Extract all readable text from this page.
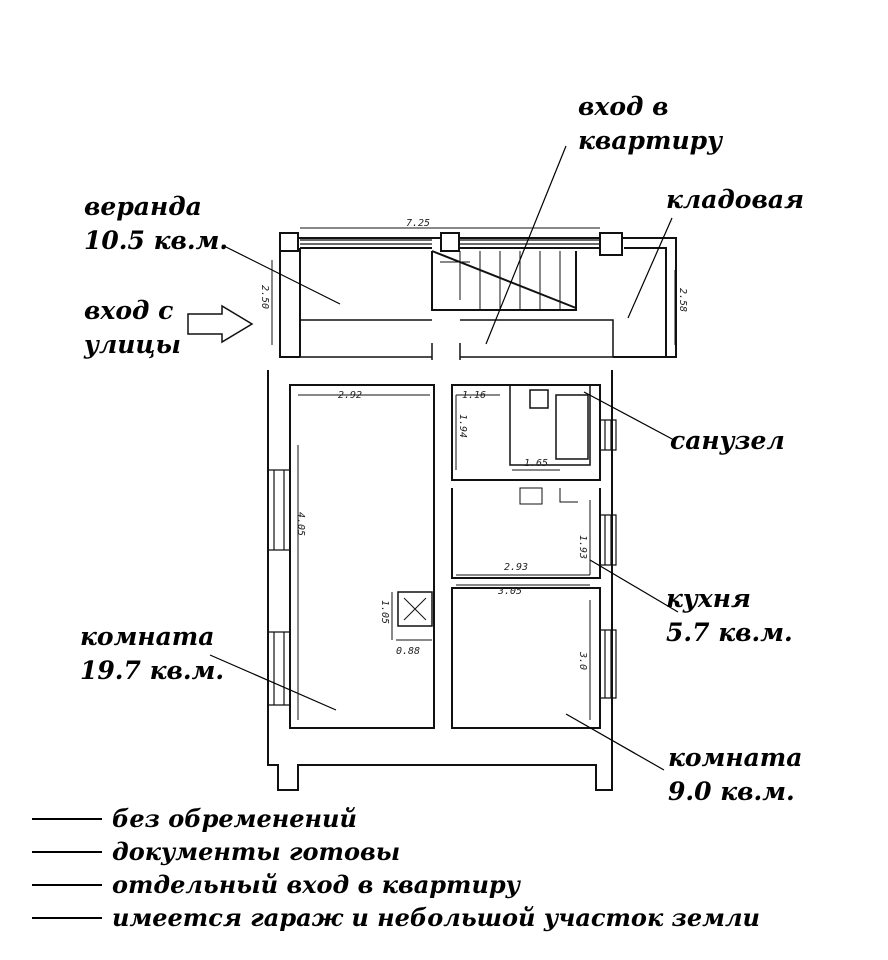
7.25
2.50	2.58
2.92
4.05
1.16
1.94
1.65
1.93
2.93
3.05
3.0
1.05
0.88
вход в
квартиру
кладовая
веранда
10.5 кв.м.
вход с
улицы
санузел
кухня
5.7 кв.м.
комната
19.7 кв.м.
комната
9.0 кв.м.
без обременений
документы готовы
отдельный вход в квартиру
имеется гараж и небольшой участок земли
